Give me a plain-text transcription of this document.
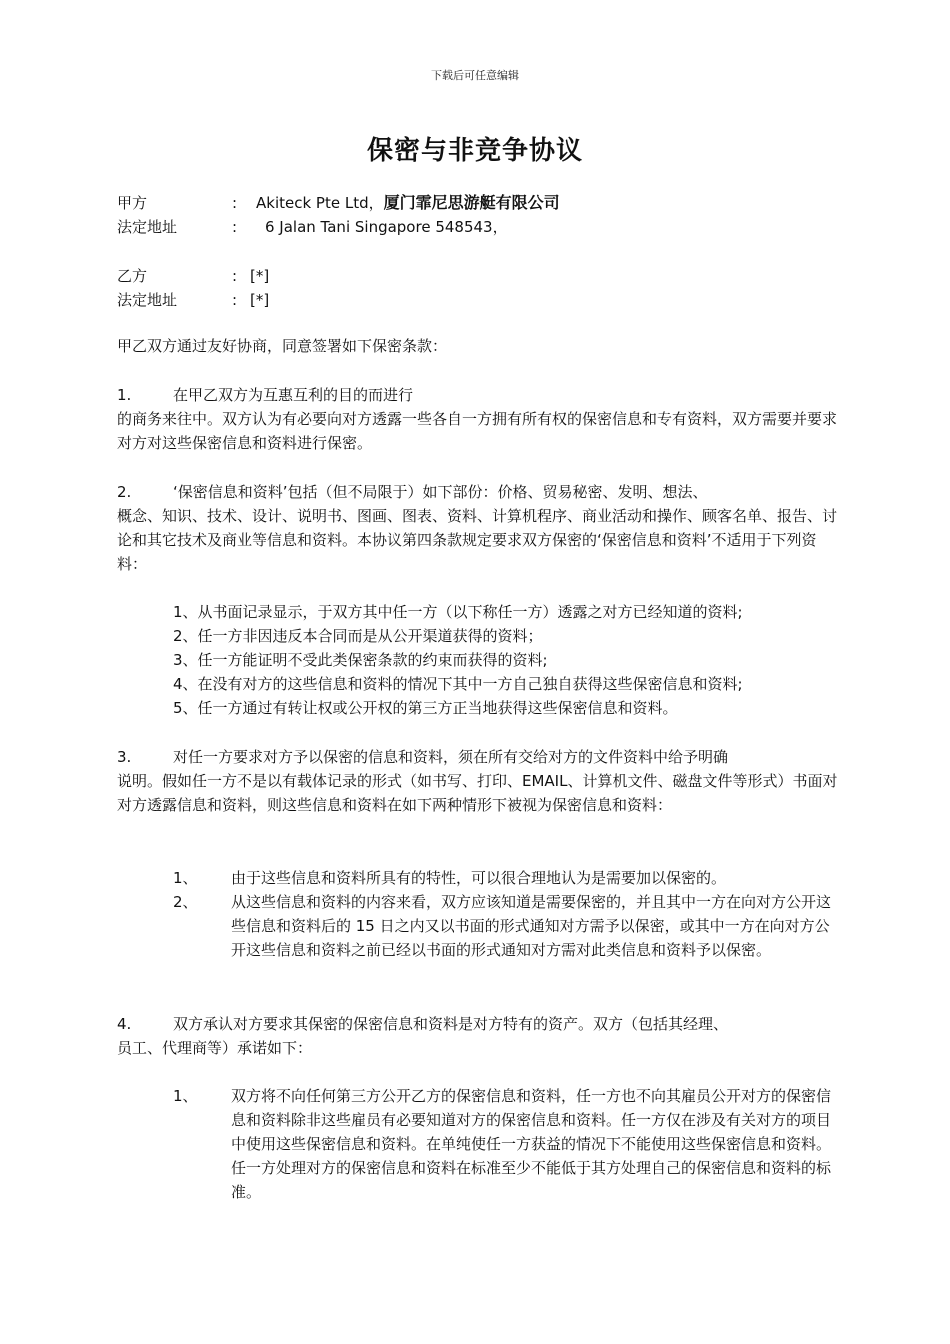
下载后可任意编辑
保密与非竞争协议
甲方	: Akiteck Pte Ltd，厦门霏尼思游艇有限公司
法定地址	: 6 Jalan Tani Singapore 548543，
乙方	: [*]
法定地址	: [*]
甲乙双方通过友好协商，同意签署如下保密条款：
1.	在甲乙双方为互惠互利的目的而进行
的商务来往中。双方认为有必要向对方透露一些各自一方拥有所有权的保密信息和专有资料，双方需要并要求对方对这些保密信息和资料进行保密。
2.	‘保密信息和资料’包括（但不局限于）如下部份：价格、贸易秘密、发明、想法、
概念、知识、技术、设计、说明书、图画、图表、资料、计算机程序、商业活动和操作、顾客名单、报告、讨论和其它技术及商业等信息和资料。本协议第四条款规定要求双方保密的‘保密信息和资料’不适用于下列资料：
1、从书面记录显示，于双方其中任一方（以下称任一方）透露之对方已经知道的资料;
2、任一方非因违反本合同而是从公开渠道获得的资料；
3、任一方能证明不受此类保密条款的约束而获得的资料;
4、在没有对方的这些信息和资料的情况下其中一方自己独自获得这些保密信息和资料;
5、任一方通过有转让权或公开权的第三方正当地获得这些保密信息和资料。
3.	对任一方要求对方予以保密的信息和资料，须在所有交给对方的文件资料中给予明确
说明。假如任一方不是以有载体记录的形式（如书写、打印、EMAIL、计算机文件、磁盘文件等形式）书面对对方透露信息和资料，则这些信息和资料在如下两种情形下被视为保密信息和资料：
1、 由于这些信息和资料所具有的特性，可以很合理地认为是需要加以保密的。
2、 从这些信息和资料的内容来看，双方应该知道是需要保密的，并且其中一方在向对方公开这些信息和资料后的 15 日之内又以书面的形式通知对方需予以保密，或其中一方在向对方公开这些信息和资料之前已经以书面的形式通知对方需对此类信息和资料予以保密。
4.	双方承认对方要求其保密的保密信息和资料是对方特有的资产。双方（包括其经理、
员工、代理商等）承诺如下：
1、 双方将不向任何第三方公开乙方的保密信息和资料，任一方也不向其雇员公开对方的保密信息和资料除非这些雇员有必要知道对方的保密信息和资料。任一方仅在涉及有关对方的项目中使用这些保密信息和资料。在单纯使任一方获益的情况下不能使用这些保密信息和资料。任一方处理对方的保密信息和资料在标准至少不能低于其方处理自己的保密信息和资料的标准。
